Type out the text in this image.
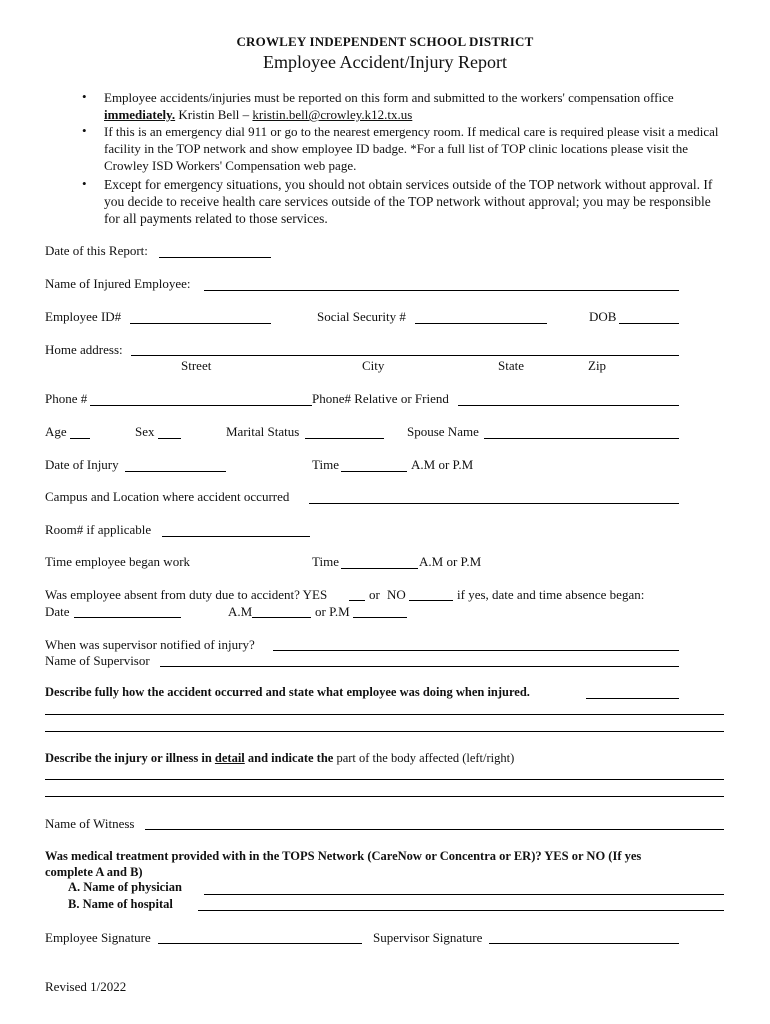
CROWLEY INDEPENDENT SCHOOL DISTRICT
Employee Accident/Injury Report
• Employee accidents/injuries must be reported on this form and submitted to the workers' compensation office immediately. Kristin Bell – kristin.bell@crowley.k12.tx.us
• If this is an emergency dial 911 or go to the nearest emergency room. If medical care is required please visit a medical facility in the TOP network and show employee ID badge. *For a full list of TOP clinic locations please visit the Crowley ISD Workers' Compensation web page.
• Except for emergency situations, you should not obtain services outside of the TOP network without approval. If you decide to receive health care services outside of the TOP network without approval; you may be responsible for all payments related to those services.
Date of this Report:
Name of Injured Employee:
Employee ID#	Social Security #	DOB
Home address:
Street	City	State	Zip
Phone #	Phone# Relative or Friend
Age	Sex	Marital Status	Spouse Name
Date of Injury	Time	A.M or P.M
Campus and Location where accident occurred
Room# if applicable
Time employee began work	Time	A.M or P.M
Was employee absent from duty due to accident? YES	or NO	if yes, date and time absence began:
Date	A.M	or P.M
When was supervisor notified of injury?
Name of Supervisor
Describe fully how the accident occurred and state what employee was doing when injured.
Describe the injury or illness in detail and indicate the part of the body affected (left/right)
Name of Witness
Was medical treatment provided with in the TOPS Network (CareNow or Concentra or ER)? YES or NO (If yes
complete A and B)
A. Name of physician
B. Name of hospital
Employee Signature	Supervisor Signature
Revised 1/2022
